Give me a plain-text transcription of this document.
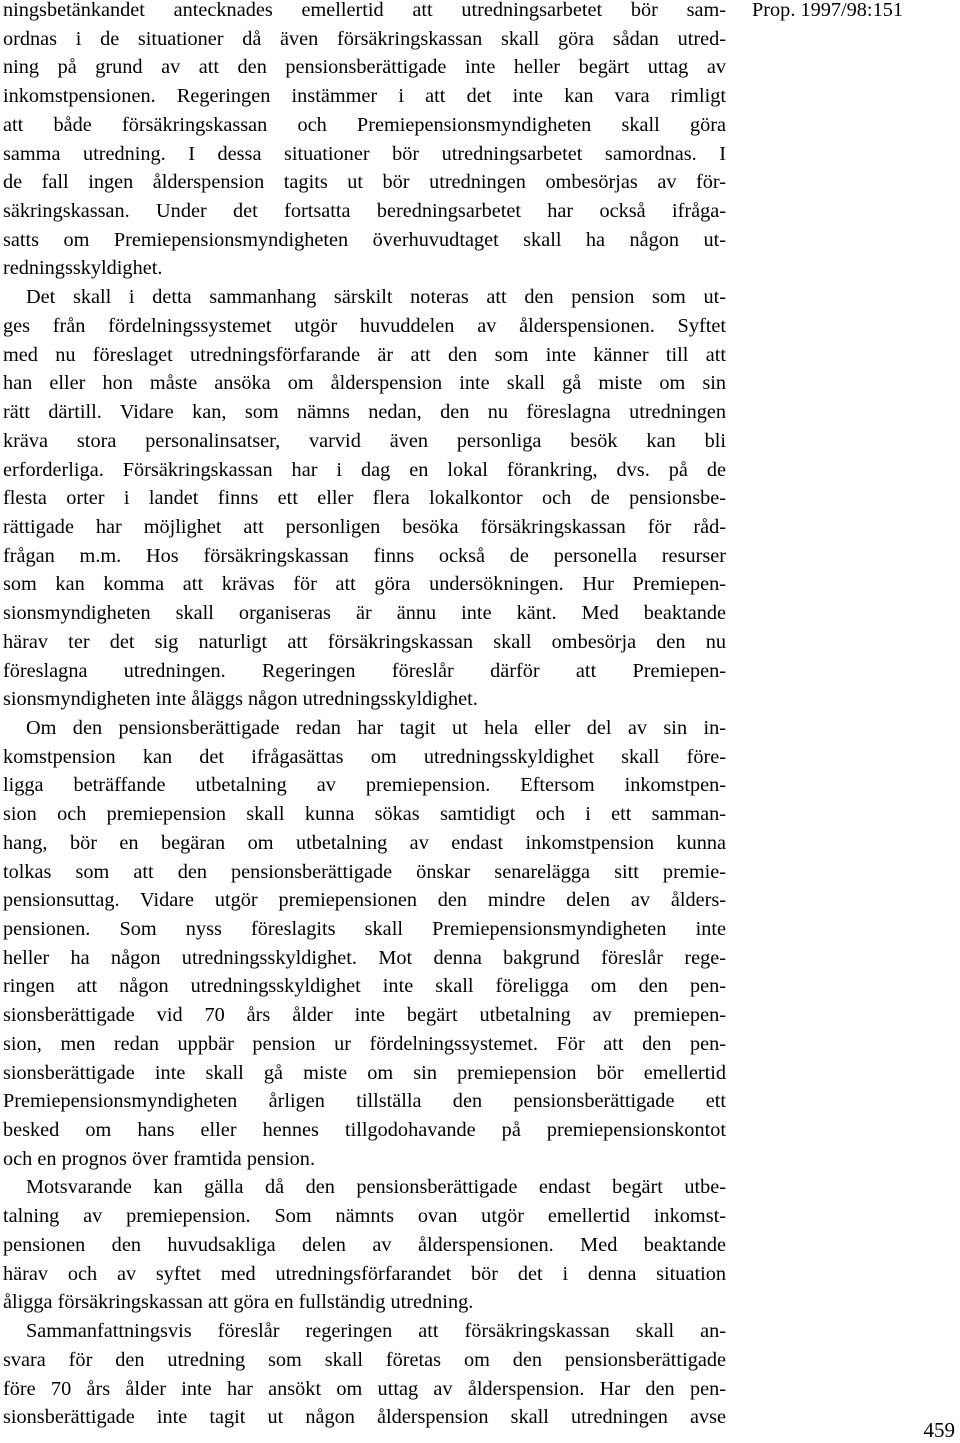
ningsbetänkandet antecknades emellertid att utredningsarbetet bör sam-
ordnas i de situationer då även försäkringskassan skall göra sådan utred-
ning på grund av att den pensionsberättigade inte heller begärt uttag av
inkomstpensionen. Regeringen instämmer i att det inte kan vara rimligt
att både försäkringskassan och Premiepensionsmyndigheten skall göra
samma utredning. I dessa situationer bör utredningsarbetet samordnas. I
de fall ingen ålderspension tagits ut bör utredningen ombesörjas av för-
säkringskassan. Under det fortsatta beredningsarbetet har också ifråga-
satts om Premiepensionsmyndigheten överhuvudtaget skall ha någon ut-
redningsskyldighet.
Det skall i detta sammanhang särskilt noteras att den pension som ut-
ges från fördelningssystemet utgör huvuddelen av ålderspensionen. Syftet
med nu föreslaget utredningsförfarande är att den som inte känner till att
han eller hon måste ansöka om ålderspension inte skall gå miste om sin
rätt därtill. Vidare kan, som nämns nedan, den nu föreslagna utredningen
kräva stora personalinsatser, varvid även personliga besök kan bli
erforderliga. Försäkringskassan har i dag en lokal förankring, dvs. på de
flesta orter i landet finns ett eller flera lokalkontor och de pensionsbe-
rättigade har möjlighet att personligen besöka försäkringskassan för råd-
frågan m.m. Hos försäkringskassan finns också de personella resurser
som kan komma att krävas för att göra undersökningen. Hur Premiepen-
sionsmyndigheten skall organiseras är ännu inte känt. Med beaktande
härav ter det sig naturligt att försäkringskassan skall ombesörja den nu
föreslagna utredningen. Regeringen föreslår därför att Premiepen-
sionsmyndigheten inte åläggs någon utredningsskyldighet.
Om den pensionsberättigade redan har tagit ut hela eller del av sin in-
komstpension kan det ifrågasättas om utredningsskyldighet skall före-
ligga beträffande utbetalning av premiepension. Eftersom inkomstpen-
sion och premiepension skall kunna sökas samtidigt och i ett samman-
hang, bör en begäran om utbetalning av endast inkomstpension kunna
tolkas som att den pensionsberättigade önskar senarelägga sitt premie-
pensionsuttag. Vidare utgör premiepensionen den mindre delen av ålders-
pensionen. Som nyss föreslagits skall Premiepensionsmyndigheten inte
heller ha någon utredningsskyldighet. Mot denna bakgrund föreslår rege-
ringen att någon utredningsskyldighet inte skall föreligga om den pen-
sionsberättigade vid 70 års ålder inte begärt utbetalning av premiepen-
sion, men redan uppbär pension ur fördelningssystemet. För att den pen-
sionsberättigade inte skall gå miste om sin premiepension bör emellertid
Premiepensionsmyndigheten årligen tillställa den pensionsberättigade ett
besked om hans eller hennes tillgodohavande på premiepensionskontot
och en prognos över framtida pension.
Motsvarande kan gälla då den pensionsberättigade endast begärt utbe-
talning av premiepension. Som nämnts ovan utgör emellertid inkomst-
pensionen den huvudsakliga delen av ålderspensionen. Med beaktande
härav och av syftet med utredningsförfarandet bör det i denna situation
åligga försäkringskassan att göra en fullständig utredning.
Sammanfattningsvis föreslår regeringen att försäkringskassan skall an-
svara för den utredning som skall företas om den pensionsberättigade
före 70 års ålder inte har ansökt om uttag av ålderspension. Har den pen-
sionsberättigade inte tagit ut någon ålderspension skall utredningen avse
Prop. 1997/98:151
459
